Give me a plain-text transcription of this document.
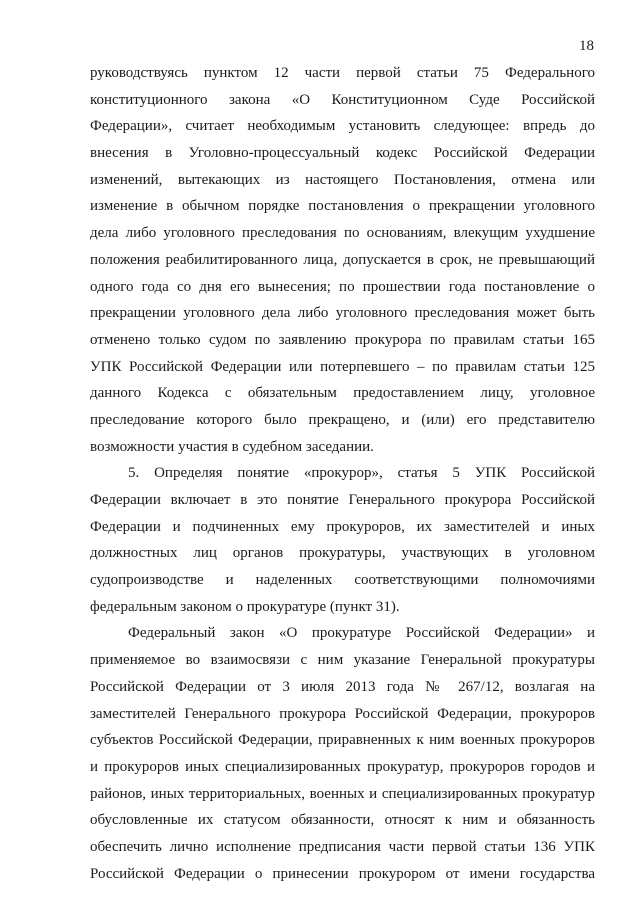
18

руководствуясь пунктом 12 части первой статьи 75 Федерального
конституционного закона «О Конституционном Суде Российской
Федерации», считает необходимым установить следующее: впредь до
внесения в Уголовно-процессуальный кодекс Российской Федерации
изменений, вытекающих из настоящего Постановления, отмена или
изменение в обычном порядке постановления о прекращении уголовного
дела либо уголовного преследования по основаниям, влекущим ухудшение
положения реабилитированного лица, допускается в срок, не превышающий
одного года со дня его вынесения; по прошествии года постановление о
прекращении уголовного дела либо уголовного преследования может быть
отменено только судом по заявлению прокурора по правилам статьи 165
УПК Российской Федерации или потерпевшего – по правилам статьи 125
данного Кодекса с обязательным предоставлением лицу, уголовное
преследование которого было прекращено, и (или) его представителю
возможности участия в судебном заседании.

5. Определяя понятие «прокурор», статья 5 УПК Российской
Федерации включает в это понятие Генерального прокурора Российской
Федерации и подчиненных ему прокуроров, их заместителей и иных
должностных лиц органов прокуратуры, участвующих в уголовном
судопроизводстве и наделенных соответствующими полномочиями
федеральным законом о прокуратуре (пункт 31).

Федеральный закон «О прокуратуре Российской Федерации» и
применяемое во взаимосвязи с ним указание Генеральной прокуратуры
Российской Федерации от 3 июля 2013 года № 267/12, возлагая на
заместителей Генерального прокурора Российской Федерации, прокуроров
субъектов Российской Федерации, приравненных к ним военных прокуроров
и прокуроров иных специализированных прокуратур, прокуроров городов и
районов, иных территориальных, военных и специализированных прокуратур
обусловленные их статусом обязанности, относят к ним и обязанность
обеспечить лично исполнение предписания части первой статьи 136 УПК
Российской Федерации о принесении прокурором от имени государства
